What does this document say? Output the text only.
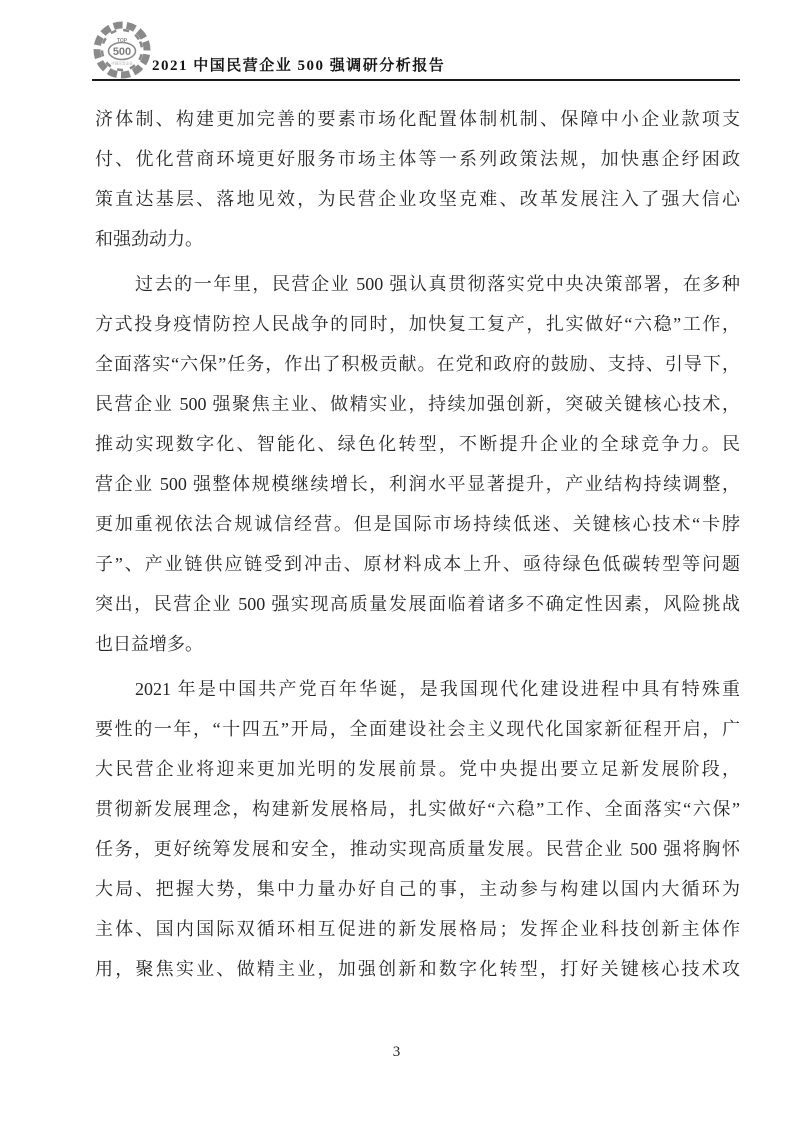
TOP
500
中国民营企业 2021 中国民营企业 500 强调研分析报告
济体制、构建更加完善的要素市场化配置体制机制、保障中小企业款项支
付、优化营商环境更好服务市场主体等一系列政策法规，加快惠企纾困政
策直达基层、落地见效，为民营企业攻坚克难、改革发展注入了强大信心
和强劲动力。
过去的一年里，民营企业 500 强认真贯彻落实党中央决策部署，在多种
方式投身疫情防控人民战争的同时，加快复工复产，扎实做好“六稳”工作，
全面落实“六保”任务，作出了积极贡献。在党和政府的鼓励、支持、引导下，
民营企业 500 强聚焦主业、做精实业，持续加强创新，突破关键核心技术，
推动实现数字化、智能化、绿色化转型，不断提升企业的全球竞争力。民
营企业 500 强整体规模继续增长，利润水平显著提升，产业结构持续调整，
更加重视依法合规诚信经营。但是国际市场持续低迷、关键核心技术“卡脖
子”、产业链供应链受到冲击、原材料成本上升、亟待绿色低碳转型等问题
突出，民营企业 500 强实现高质量发展面临着诸多不确定性因素，风险挑战
也日益增多。
2021 年是中国共产党百年华诞，是我国现代化建设进程中具有特殊重
要性的一年，“十四五”开局，全面建设社会主义现代化国家新征程开启，广
大民营企业将迎来更加光明的发展前景。党中央提出要立足新发展阶段，
贯彻新发展理念，构建新发展格局，扎实做好“六稳”工作、全面落实“六保”
任务，更好统筹发展和安全，推动实现高质量发展。民营企业 500 强将胸怀
大局、把握大势，集中力量办好自己的事，主动参与构建以国内大循环为
主体、国内国际双循环相互促进的新发展格局；发挥企业科技创新主体作
用，聚焦实业、做精主业，加强创新和数字化转型，打好关键核心技术攻
3
